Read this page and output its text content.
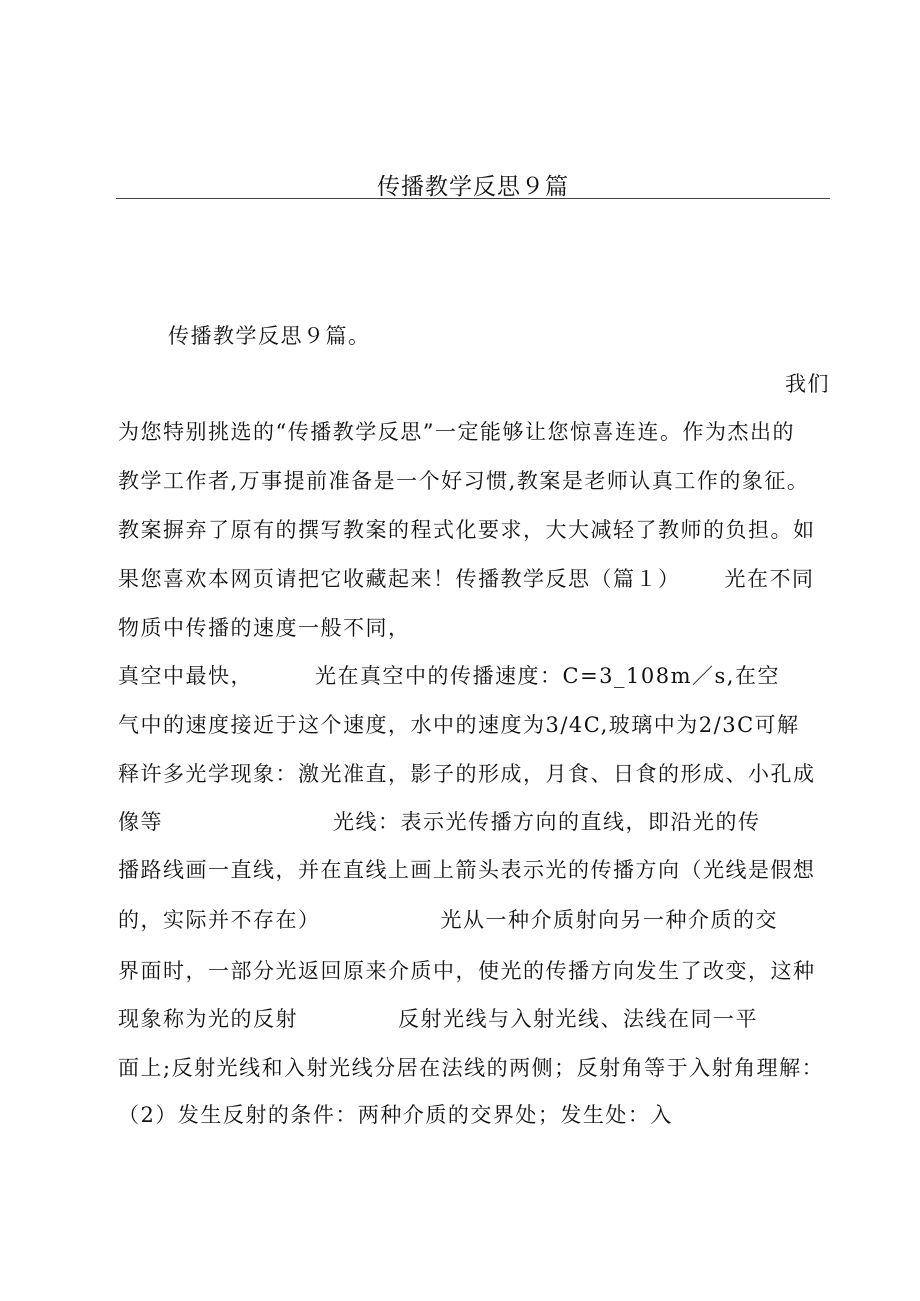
传播教学反思９篇
传播教学反思９篇。
我们
为您特别挑选的“传播教学反思”一定能够让您惊喜连连。作为杰出的
教学工作者,万事提前准备是一个好习惯,教案是老师认真工作的象征。
教案摒弃了原有的撰写教案的程式化要求，大大减轻了教师的负担。如
果您喜欢本网页请把它收藏起来！传播教学反思（篇１） 光在不同
物质中传播的速度一般不同，
真空中最快，	光在真空中的传播速度：C=3_108m／s,在空
气中的速度接近于这个速度，水中的速度为3/4C,玻璃中为2/3C可解
释许多光学现象：激光准直，影子的形成，月食、日食的形成、小孔成
像等	光线：表示光传播方向的直线，即沿光的传
播路线画一直线，并在直线上画上箭头表示光的传播方向（光线是假想
的，实际并不存在）	光从一种介质射向另一种介质的交
界面时，一部分光返回原来介质中，使光的传播方向发生了改变，这种
现象称为光的反射	反射光线与入射光线、法线在同一平
面上;反射光线和入射光线分居在法线的两侧；反射角等于入射角理解：
（2）发生反射的条件：两种介质的交界处；发生处：入
